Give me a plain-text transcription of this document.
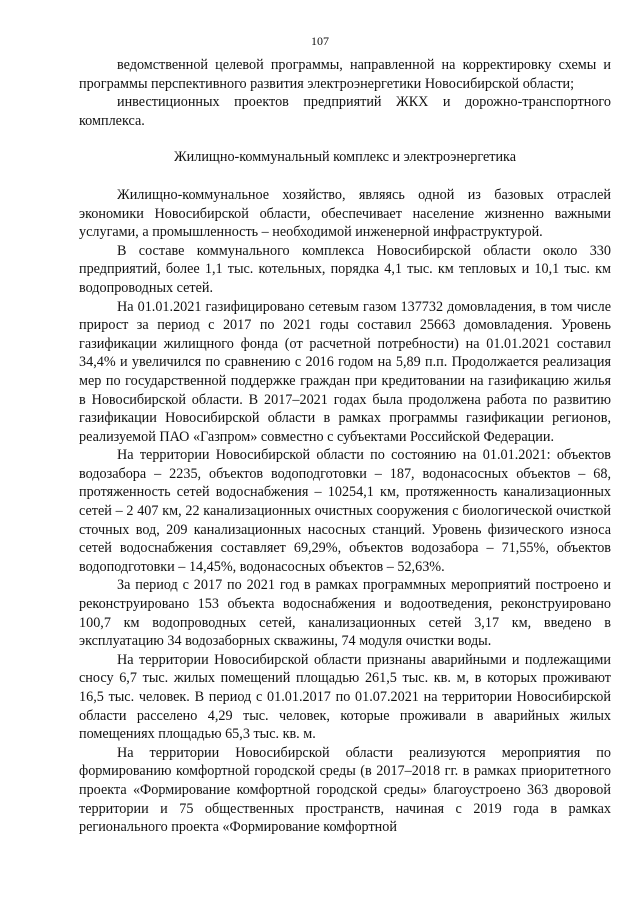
107

ведомственной целевой программы, направленной на корректировку схемы и программы перспективного развития электроэнергетики Новосибирской области;

инвестиционных проектов предприятий ЖКХ и дорожно-транспортного комплекса.

Жилищно-коммунальный комплекс и электроэнергетика

Жилищно-коммунальное хозяйство, являясь одной из базовых отраслей экономики Новосибирской области, обеспечивает население жизненно важными услугами, а промышленность – необходимой инженерной инфраструктурой.

В составе коммунального комплекса Новосибирской области около 330 предприятий, более 1,1 тыс. котельных, порядка 4,1 тыс. км тепловых и 10,1 тыс. км водопроводных сетей.

На 01.01.2021 газифицировано сетевым газом 137732 домовладения, в том числе прирост за период с 2017 по 2021 годы составил 25663 домовладения. Уровень газификации жилищного фонда (от расчетной потребности) на 01.01.2021 составил 34,4% и увеличился по сравнению с 2016 годом на 5,89 п.п. Продолжается реализация мер по государственной поддержке граждан при кредитовании на газификацию жилья в Новосибирской области. В 2017–2021 годах была продолжена работа по развитию газификации Новосибирской области в рамках программы газификации регионов, реализуемой ПАО «Газпром» совместно с субъектами Российской Федерации.

На территории Новосибирской области по состоянию на 01.01.2021: объектов водозабора – 2235, объектов водоподготовки – 187, водонасосных объектов – 68, протяженность сетей водоснабжения – 10254,1 км, протяженность канализационных сетей – 2 407 км, 22 канализационных очистных сооружения с биологической очисткой сточных вод, 209 канализационных насосных станций. Уровень физического износа сетей водоснабжения составляет 69,29%, объектов водозабора – 71,55%, объектов водоподготовки – 14,45%, водонасосных объектов – 52,63%.

За период с 2017 по 2021 год в рамках программных мероприятий построено и реконструировано 153 объекта водоснабжения и водоотведения, реконструировано 100,7 км водопроводных сетей, канализационных сетей 3,17 км, введено в эксплуатацию 34 водозаборных скважины, 74 модуля очистки воды.

На территории Новосибирской области признаны аварийными и подлежащими сносу 6,7 тыс. жилых помещений площадью 261,5 тыс. кв. м, в которых проживают 16,5 тыс. человек. В период с 01.01.2017 по 01.07.2021 на территории Новосибирской области расселено 4,29 тыс. человек, которые проживали в аварийных жилых помещениях площадью 65,3 тыс. кв. м.

На территории Новосибирской области реализуются мероприятия по формированию комфортной городской среды (в 2017–2018 гг. в рамках приоритетного проекта «Формирование комфортной городской среды» благоустроено 363 дворовой территории и 75 общественных пространств, начиная с 2019 года в рамках регионального проекта «Формирование комфортной
